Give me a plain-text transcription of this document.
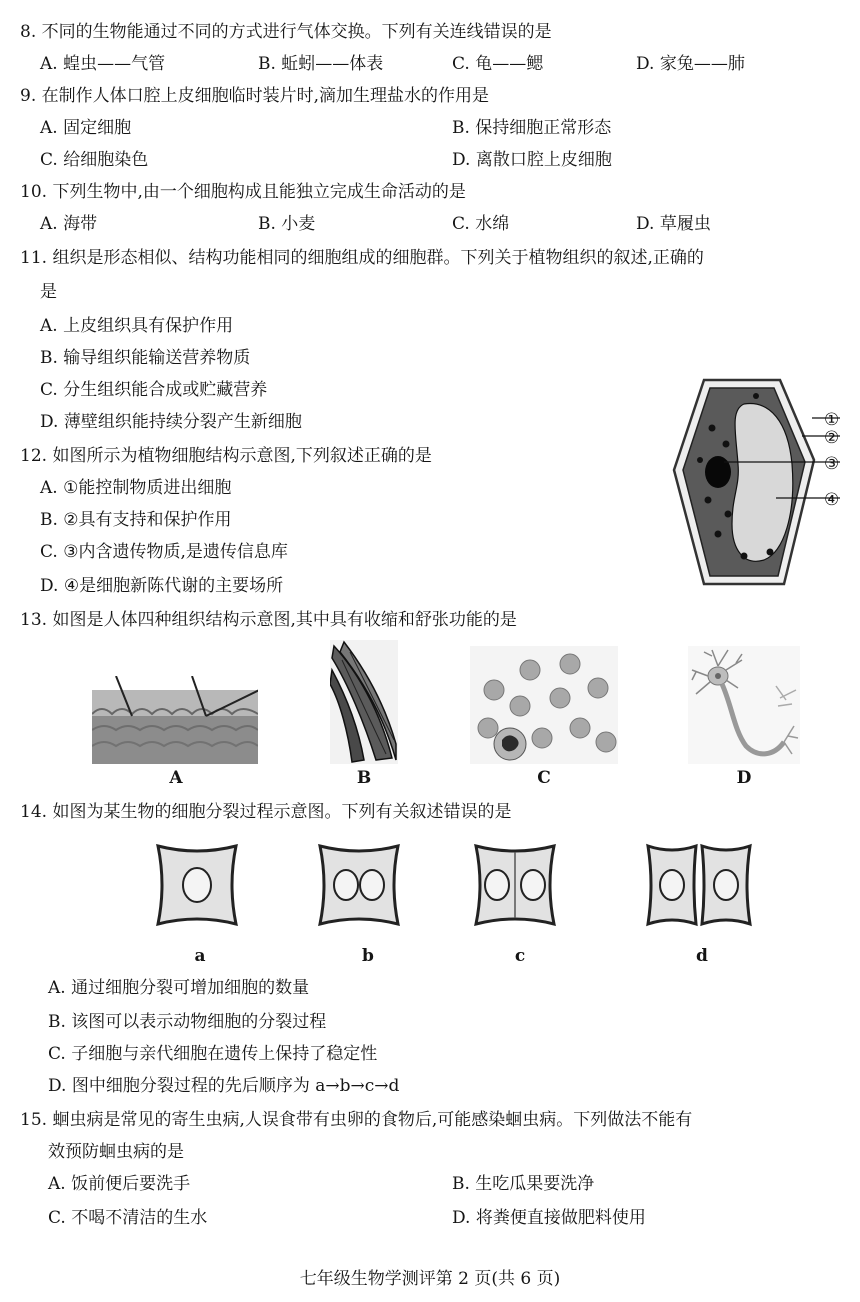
8. 不同的生物能通过不同的方式进行气体交换。下列有关连线错误的是
A. 蝗虫——气管	B. 蚯蚓——体表	C. 龟——鳃	D. 家兔——肺
9. 在制作人体口腔上皮细胞临时装片时,滴加生理盐水的作用是
A. 固定细胞	B. 保持细胞正常形态
C. 给细胞染色	D. 离散口腔上皮细胞
10. 下列生物中,由一个细胞构成且能独立完成生命活动的是
A. 海带	B. 小麦	C. 水绵	D. 草履虫
11. 组织是形态相似、结构功能相同的细胞组成的细胞群。下列关于植物组织的叙述,正确的
是
A. 上皮组织具有保护作用
B. 输导组织能输送营养物质
C. 分生组织能合成或贮藏营养
D. 薄壁组织能持续分裂产生新细胞
12. 如图所示为植物细胞结构示意图,下列叙述正确的是
A. ①能控制物质进出细胞
B. ②具有支持和保护作用
C. ③内含遗传物质,是遗传信息库
D. ④是细胞新陈代谢的主要场所
①
②
③
④
13. 如图是人体四种组织结构示意图,其中具有收缩和舒张功能的是
A	B	C	D
14. 如图为某生物的细胞分裂过程示意图。下列有关叙述错误的是
a	b	c	d
A. 通过细胞分裂可增加细胞的数量
B. 该图可以表示动物细胞的分裂过程
C. 子细胞与亲代细胞在遗传上保持了稳定性
D. 图中细胞分裂过程的先后顺序为 a→b→c→d
15. 蛔虫病是常见的寄生虫病,人误食带有虫卵的食物后,可能感染蛔虫病。下列做法不能有
效预防蛔虫病的是
A. 饭前便后要洗手	B. 生吃瓜果要洗净
C. 不喝不清洁的生水	D. 将粪便直接做肥料使用
七年级生物学测评第 2 页(共 6 页)
